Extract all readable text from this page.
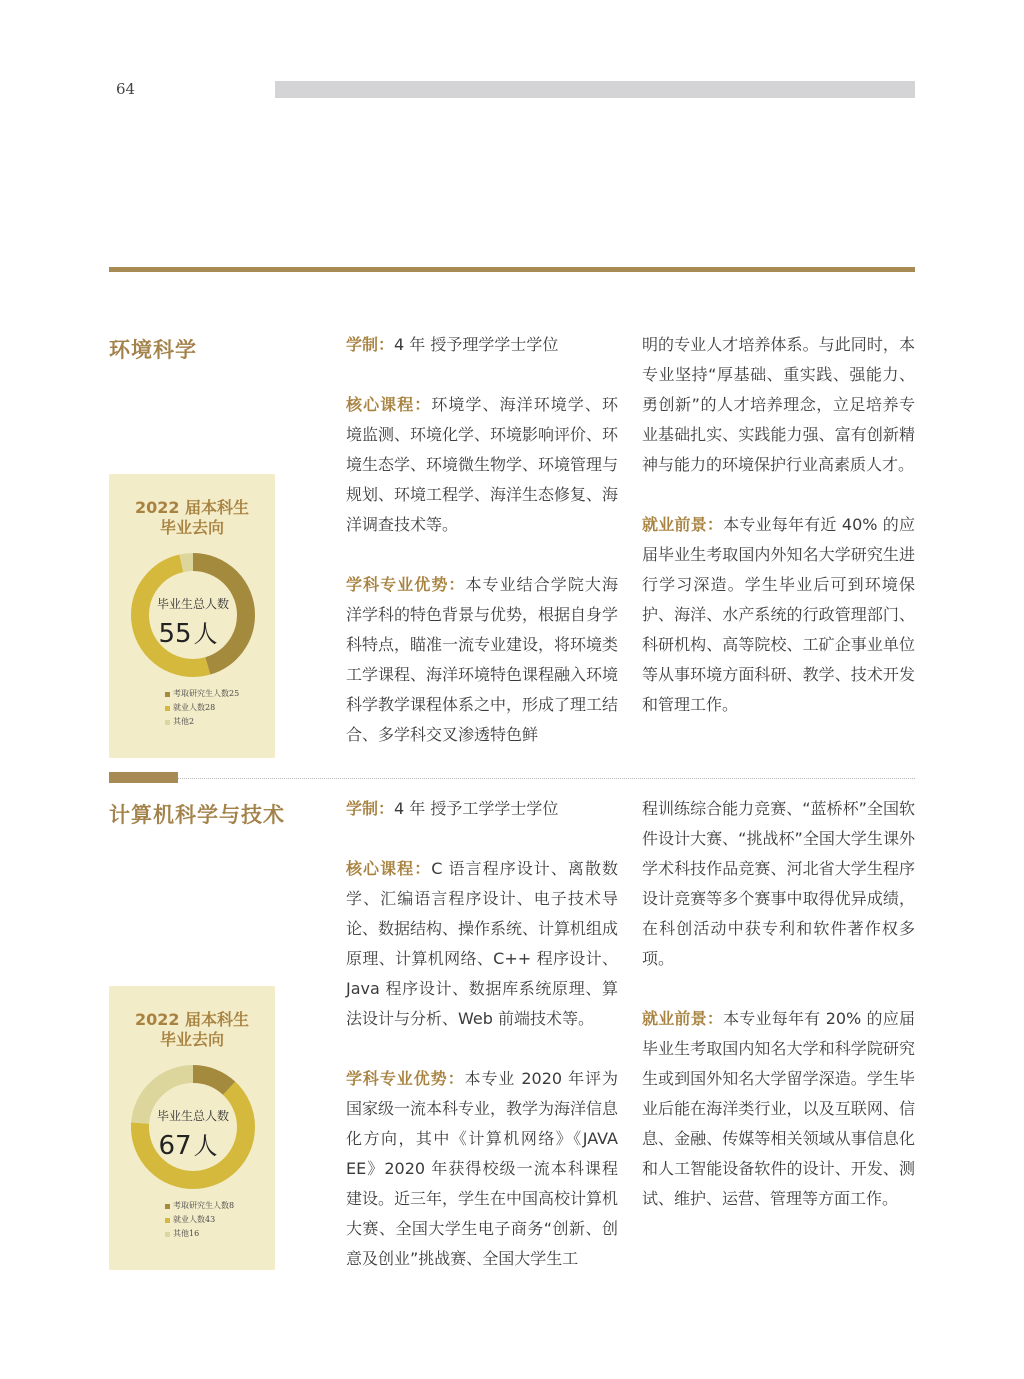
64
环境科学	学制：4 年 授予理学学士学位

核心课程：环境学、海洋环境学、环境监测、环境化学、环境影响评价、环境生态学、环境微生物学、环境管理与规划、环境工程学、海洋生态修复、海洋调查技术等。

学科专业优势：本专业结合学院大海洋学科的特色背景与优势，根据自身学科特点，瞄准一流专业建设，将环境类工学课程、海洋环境特色课程融入环境科学教学课程体系之中，形成了理工结合、多学科交叉渗透特色鲜

明的专业人才培养体系。与此同时，本专业坚持“厚基础、重实践、强能力、勇创新”的人才培养理念，立足培养专业基础扎实、实践能力强、富有创新精神与能力的环境保护行业高素质人才。

就业前景：本专业每年有近 40% 的应届毕业生考取国内外知名大学研究生进行学习深造。学生毕业后可到环境保护、海洋、水产系统的行政管理部门、科研机构、高等院校、工矿企事业单位等从事环境方面科研、教学、技术开发和管理工作。

2022 届本科生
毕业去向
毕业生总人数
55人
考取研究生人数25
就业人数28
其他2
计算机科学与技术	学制：4 年 授予工学学士学位

核心课程：C 语言程序设计、离散数学、汇编语言程序设计、电子技术导论、数据结构、操作系统、计算机组成原理、计算机网络、C++ 程序设计、Java 程序设计、数据库系统原理、算法设计与分析、Web 前端技术等。

学科专业优势：本专业 2020 年评为国家级一流本科专业，教学为海洋信息化方向，其中《计算机网络》《JAVA EE》2020 年获得校级一流本科课程建设。近三年，学生在中国高校计算机大赛、全国大学生电子商务“创新、创意及创业”挑战赛、全国大学生工

程训练综合能力竞赛、“蓝桥杯”全国软件设计大赛、“挑战杯”全国大学生课外学术科技作品竞赛、河北省大学生程序设计竞赛等多个赛事中取得优异成绩，在科创活动中获专利和软件著作权多项。

就业前景：本专业每年有 20% 的应届毕业生考取国内知名大学和科学院研究生或到国外知名大学留学深造。学生毕业后能在海洋类行业，以及互联网、信息、金融、传媒等相关领域从事信息化和人工智能设备软件的设计、开发、测试、维护、运营、管理等方面工作。

2022 届本科生
毕业去向
毕业生总人数
67人
考取研究生人数8
就业人数43
其他16
